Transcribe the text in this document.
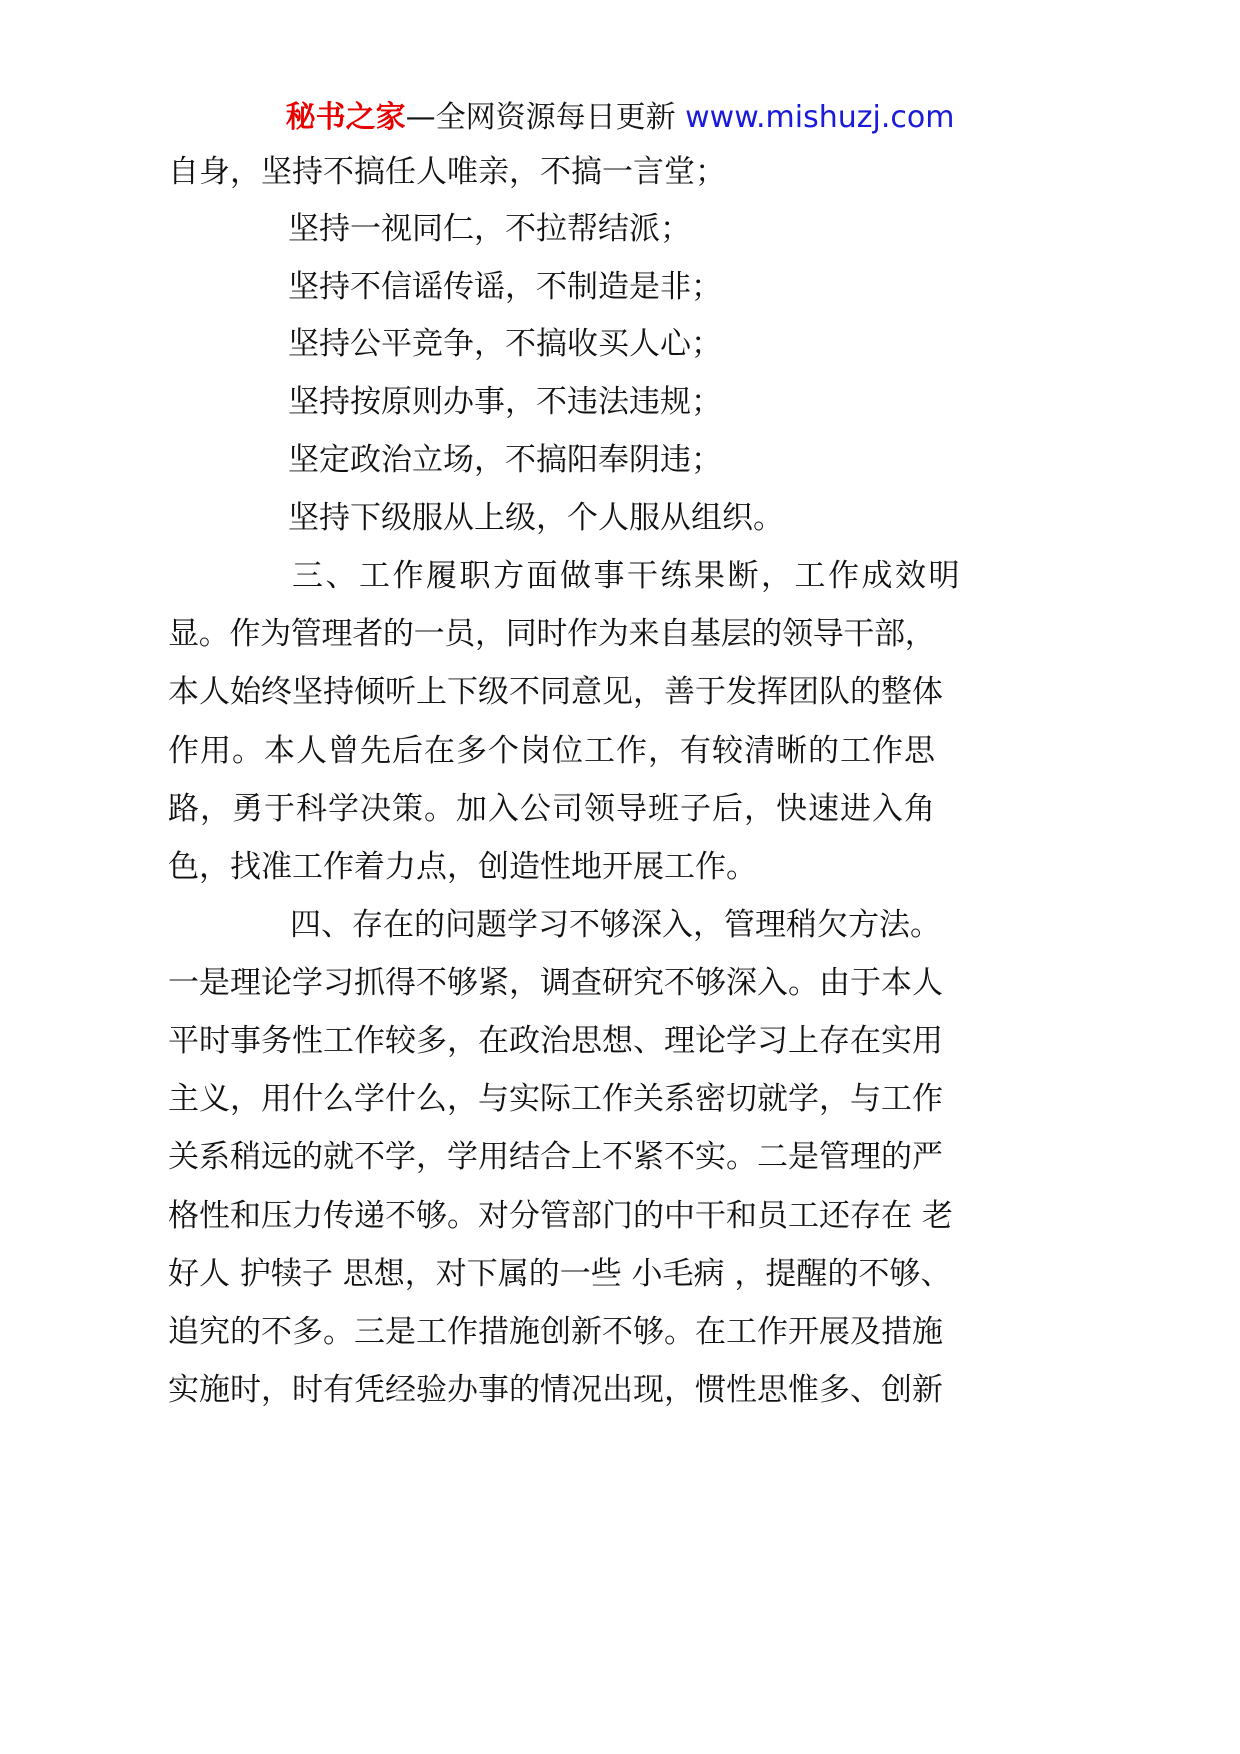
秘书之家—全网资源每日更新 www.mishuzj.com
自身，坚持不搞任人唯亲，不搞一言堂；
坚持一视同仁，不拉帮结派；
坚持不信谣传谣，不制造是非；
坚持公平竞争，不搞收买人心；
坚持按原则办事，不违法违规；
坚定政治立场，不搞阳奉阴违；
坚持下级服从上级，个人服从组织。
三、工作履职方面做事干练果断，工作成效明
显。作为管理者的一员，同时作为来自基层的领导干部，
本人始终坚持倾听上下级不同意见，善于发挥团队的整体
作用。本人曾先后在多个岗位工作，有较清晰的工作思
路，勇于科学决策。加入公司领导班子后，快速进入角
色，找准工作着力点，创造性地开展工作。
四、存在的问题学习不够深入，管理稍欠方法。
一是理论学习抓得不够紧，调查研究不够深入。由于本人
平时事务性工作较多，在政治思想、理论学习上存在实用
主义，用什么学什么，与实际工作关系密切就学，与工作
关系稍远的就不学，学用结合上不紧不实。二是管理的严
格性和压力传递不够。对分管部门的中干和员工还存在 老
好人 护犊子 思想，对下属的一些 小毛病 ，提醒的不够、
追究的不多。三是工作措施创新不够。在工作开展及措施
实施时，时有凭经验办事的情况出现，惯性思惟多、创新
